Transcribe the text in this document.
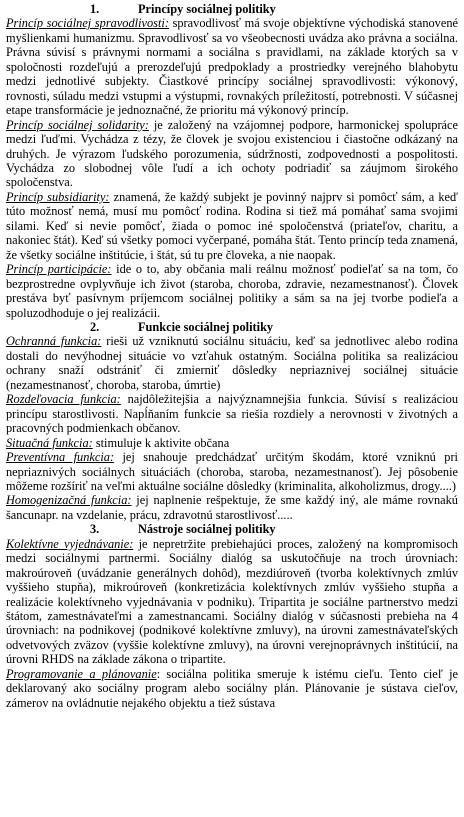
1.	Princípy sociálnej politiky

Princíp sociálnej spravodlivosti: spravodlivosť má svoje objektívne východiská stanovené myšlienkami humanizmu. Spravodlivosť sa vo všeobecnosti uvádza ako právna a sociálna. Právna súvisí s právnymi normami a sociálna s pravidlami, na základe ktorých sa v spoločnosti rozdeľujú a prerozdeľujú predpoklady a prostriedky verejného blahobytu medzi jednotlivé subjekty. Čiastkové princípy sociálnej spravodlivosti: výkonový, rovnosti, súladu medzi vstupmi a výstupmi, rovnakých príležitostí, potrebnosti. V súčasnej etape transformácie je jednoznačné, že prioritu má výkonový princíp.

Princíp sociálnej solidarity: je založený na vzájomnej podpore, harmonickej spolupráce medzi ľuďmi. Vychádza z tézy, že človek je svojou existenciou i čiastočne odkázaný na druhých. Je výrazom ľudského porozumenia, súdržnosti, zodpovednosti a pospolitosti. Vychádza zo slobodnej vôle ľudí a ich ochoty podriadiť sa záujmom širokého spoločenstva.

Princíp subsidiarity: znamená, že každý subjekt je povinný najprv si pomôcť sám, a keď túto možnosť nemá, musí mu pomôcť rodina. Rodina si tiež má pomáhať sama svojimi silami. Keď si nevie pomôcť, žiada o pomoc iné spoločenstvá (priateľov, charitu, a nakoniec štát). Keď sú všetky pomoci vyčerpané, pomáha štát. Tento princíp teda znamená, že všetky sociálne inštitúcie, i štát, sú tu pre človeka, a nie naopak.

Princíp participácie: ide o to, aby občania mali reálnu možnosť podieľať sa na tom, čo bezprostredne ovplyvňuje ich život (staroba, choroba, zdravie, nezamestnanosť). Človek prestáva byť pasívnym príjemcom sociálnej politiky a sám sa na jej tvorbe podieľa a spoluzodhoduje o jej realizácii.

2.	Funkcie sociálnej politiky

Ochranná funkcia: rieši už vzniknutú sociálnu situáciu, keď sa jednotlivec alebo rodina dostali do nevýhodnej situácie vo vzťahuk ostatným. Sociálna politika sa realizáciou ochrany snaží odstrániť či zmierniť dôsledky nepriaznivej sociálnej situácie (nezamestnanosť, choroba, staroba, úmrtie)

Rozdeľovacia funkcia: najdôležitejšia a najvýznamnejšia funkcia. Súvisí s realizáciou princípu starostlivosti. Napĺňaním funkcie sa riešia rozdiely a nerovnosti v životných a pracovných podmienkach občanov.

Situačná funkcia: stimuluje k aktivite občana

Preventívna funkcia: jej snahouje predchádzať určitým škodám, ktoré vzniknú pri nepriaznivých sociálnych situáciách (choroba, staroba, nezamestnanosť). Jej pôsobenie môžeme rozšíriť na veľmi aktuálne sociálne dôsledky (kriminalita, alkoholizmus, drogy....)

Homogenizačná funkcia: jej naplnenie rešpektuje, že sme každý iný, ale máme rovnakú šancunapr. na vzdelanie, prácu, zdravotnú starostlivosť.....

3.	Nástroje sociálnej politiky

Kolektívne vyjednávanie: je nepretržite prebiehajúci proces, založený na kompromisoch medzi sociálnymi partnermi. Sociálny dialóg sa uskutočňuje na troch úrovniach: makroúroveň (uvádzanie generálnych dohôd), mezdiúroveň (tvorba kolektívnych zmlúv vyššieho stupňa), mikroúroveň (konkretizácia kolektívnych zmlúv vyššieho stupňa a realizácie kolektívneho vyjednávania v podniku). Tripartita je sociálne partnerstvo medzi štátom, zamestnávateľmi a zamestnancami. Sociálny dialóg v súčasnosti prebieha na 4 úrovniach: na podnikovej (podnikové kolektívne zmluvy), na úrovni zamestnávateľských odvetvových zväzov (vyššie kolektívne zmluvy), na úrovni verejnoprávnych inštitúcií, na úrovni RHDS na základe zákona o tripartite.

Programovanie a plánovanie: sociálna politika smeruje k istému cieľu. Tento cieľ je deklarovaný ako sociálny program alebo sociálny plán. Plánovanie je sústava cieľov, zámerov na ovládnutie nejakého objektu a tiež sústava
